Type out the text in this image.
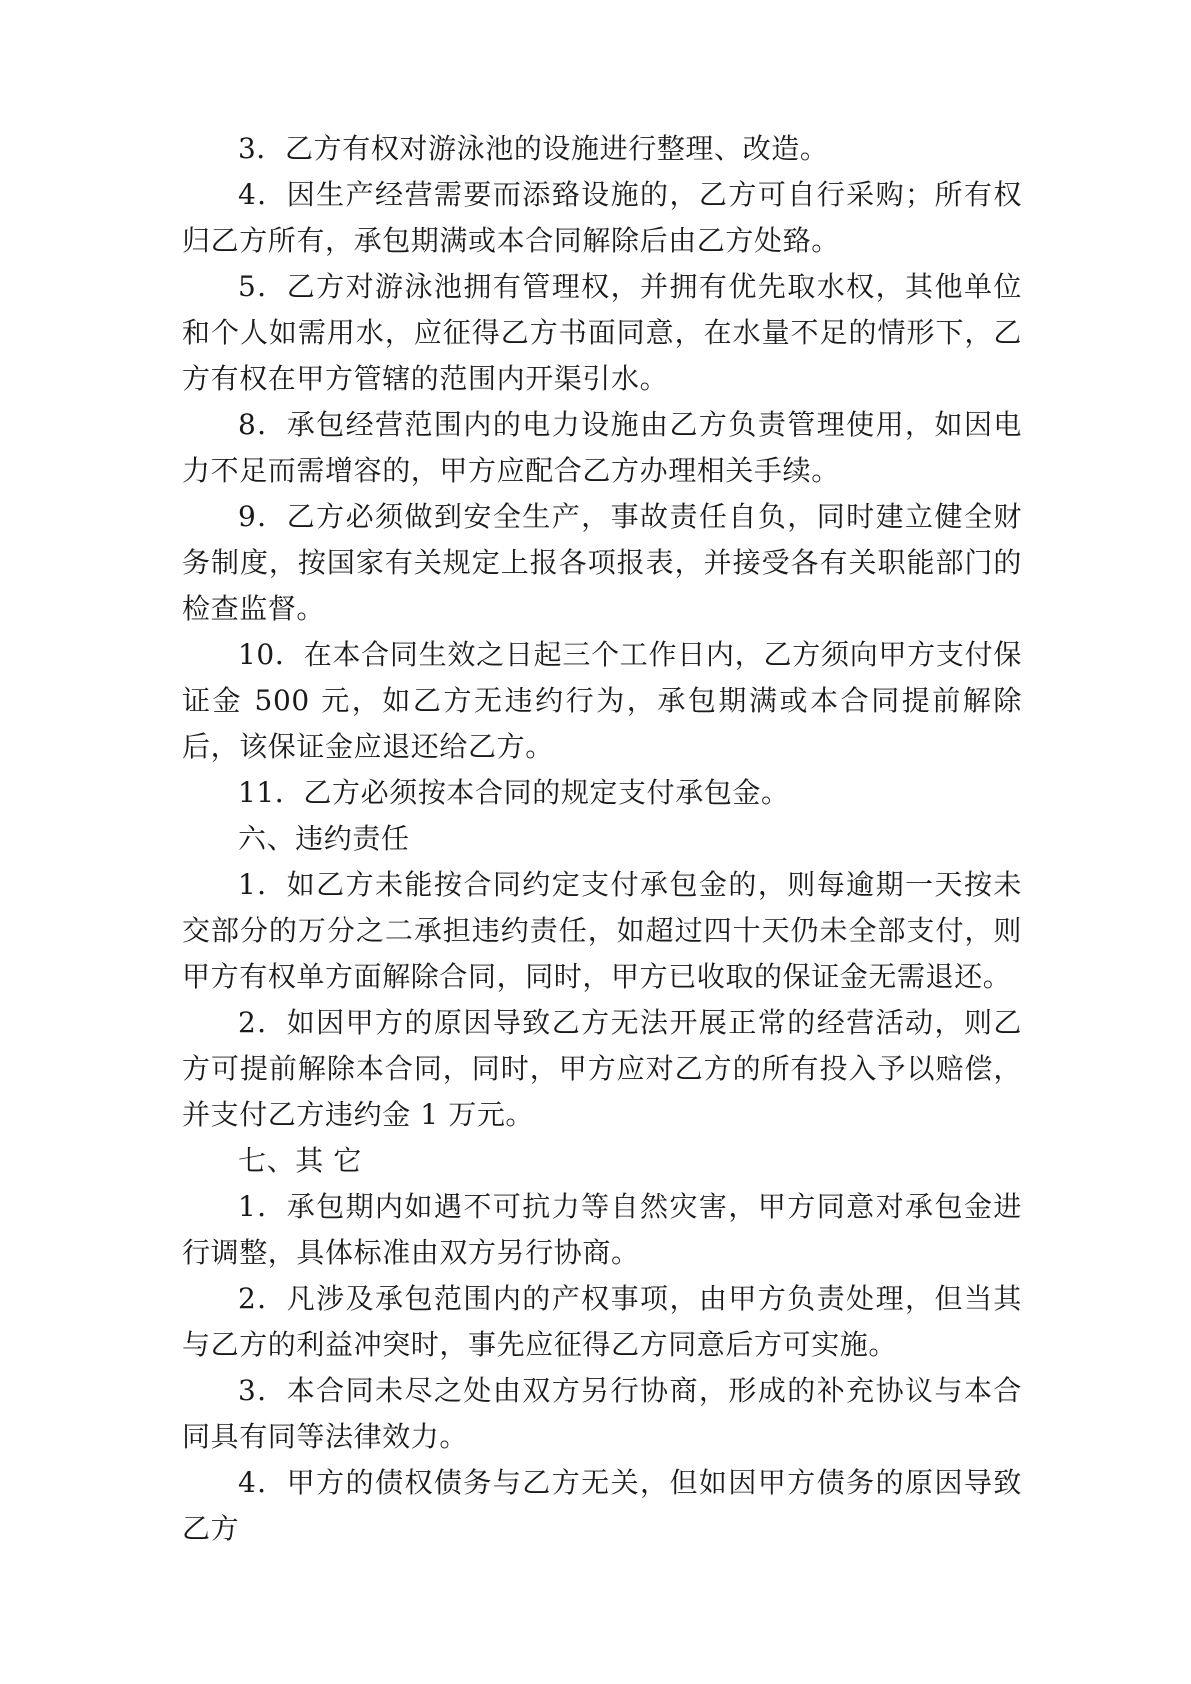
3．乙方有权对游泳池的设施进行整理、改造。

4．因生产经营需要而添臵设施的，乙方可自行采购；所有权归乙方所有，承包期满或本合同解除后由乙方处臵。

5．乙方对游泳池拥有管理权，并拥有优先取水权，其他单位和个人如需用水，应征得乙方书面同意，在水量不足的情形下，乙方有权在甲方管辖的范围内开渠引水。

8．承包经营范围内的电力设施由乙方负责管理使用，如因电力不足而需增容的，甲方应配合乙方办理相关手续。

9．乙方必须做到安全生产，事故责任自负，同时建立健全财务制度，按国家有关规定上报各项报表，并接受各有关职能部门的检查监督。

10．在本合同生效之日起三个工作日内，乙方须向甲方支付保证金 500 元，如乙方无违约行为，承包期满或本合同提前解除后，该保证金应退还给乙方。

11．乙方必须按本合同的规定支付承包金。

六、违约责任

1．如乙方未能按合同约定支付承包金的，则每逾期一天按未交部分的万分之二承担违约责任，如超过四十天仍未全部支付，则甲方有权单方面解除合同，同时，甲方已收取的保证金无需退还。

2．如因甲方的原因导致乙方无法开展正常的经营活动，则乙方可提前解除本合同，同时，甲方应对乙方的所有投入予以赔偿，并支付乙方违约金 1 万元。

七、其 它

1．承包期内如遇不可抗力等自然灾害，甲方同意对承包金进行调整，具体标准由双方另行协商。

2．凡涉及承包范围内的产权事项，由甲方负责处理，但当其与乙方的利益冲突时，事先应征得乙方同意后方可实施。

3．本合同未尽之处由双方另行协商，形成的补充协议与本合同具有同等法律效力。

4．甲方的债权债务与乙方无关，但如因甲方债务的原因导致乙方
